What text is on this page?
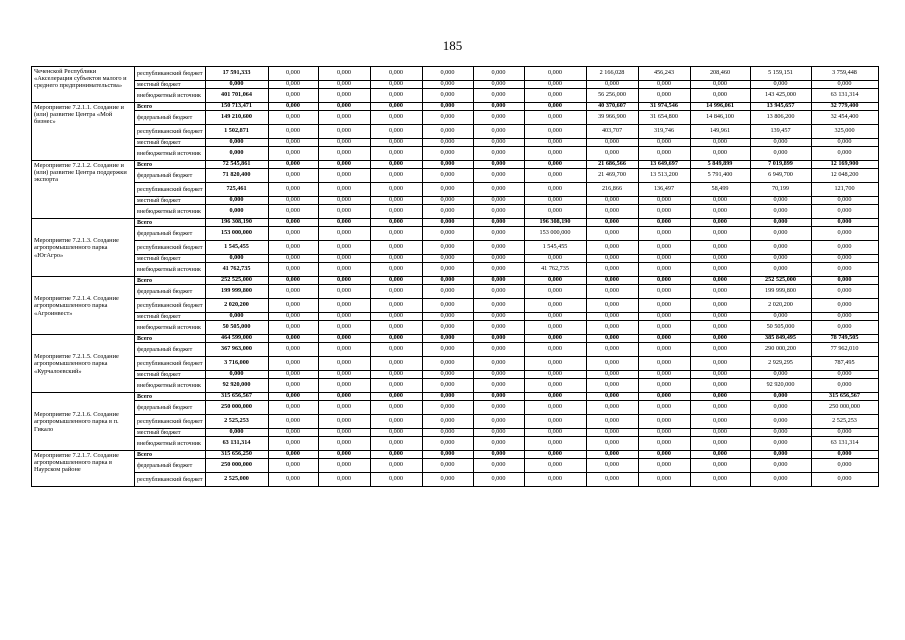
185
Чеченской Республики «Акселерация субъектов малого и среднего предпринимательства»	республиканский бюджет	17 591,333	0,000	0,000	0,000	0,000	0,000	0,000	2 166,028	456,243	208,460	5 159,151	3 759,448	
	местный бюджет	0,000	0,000	0,000	0,000	0,000	0,000	0,000	0,000	0,000	0,000	0,000	0,000	
	внебюджетный источник	401 701,064	0,000	0,000	0,000	0,000	0,000	0,000	56 256,000	0,000	0,000	143 425,000	63 131,314	
Мероприятие 7.2.1.1. Создание и (или) развитие Центра «Мой бизнес»	Всего	150 713,471	0,000	0,000	0,000	0,000	0,000	0,000	40 370,607	31 974,546	14 996,061	13 945,657	32 779,400	
	федеральный бюджет	149 210,600	0,000	0,000	0,000	0,000	0,000	0,000	39 966,900	31 654,800	14 846,100	13 806,200	32 454,400	
	республиканский бюджет	1 502,871	0,000	0,000	0,000	0,000	0,000	0,000	403,707	319,746	149,961	139,457	325,000	
	местный бюджет	0,000	0,000	0,000	0,000	0,000	0,000	0,000	0,000	0,000	0,000	0,000	0,000	
	внебюджетный источник	0,000	0,000	0,000	0,000	0,000	0,000	0,000	0,000	0,000	0,000	0,000	0,000	
Мероприятие 7.2.1.2. Создание и (или) развитие Центра поддержки экспорта	Всего	72 545,861	0,000	0,000	0,000	0,000	0,000	0,000	21 686,566	13 649,697	5 849,899	7 019,899	12 169,900	
	федеральный бюджет	71 820,400	0,000	0,000	0,000	0,000	0,000	0,000	21 469,700	13 513,200	5 791,400	6 949,700	12 048,200	
	республиканский бюджет	725,461	0,000	0,000	0,000	0,000	0,000	0,000	216,866	136,497	58,499	70,199	121,700	
	местный бюджет	0,000	0,000	0,000	0,000	0,000	0,000	0,000	0,000	0,000	0,000	0,000	0,000	
	внебюджетный источник	0,000	0,000	0,000	0,000	0,000	0,000	0,000	0,000	0,000	0,000	0,000	0,000	
Мероприятие 7.2.1.3. Создание агропромышленного парка «ЮгАгро»	Всего	196 308,190	0,000	0,000	0,000	0,000	0,000	196 308,190	0,000	0,000	0,000	0,000	0,000	
	федеральный бюджет	153 000,000	0,000	0,000	0,000	0,000	0,000	153 000,000	0,000	0,000	0,000	0,000	0,000	
	республиканский бюджет	1 545,455	0,000	0,000	0,000	0,000	0,000	1 545,455	0,000	0,000	0,000	0,000	0,000	
	местный бюджет	0,000	0,000	0,000	0,000	0,000	0,000	0,000	0,000	0,000	0,000	0,000	0,000	
	внебюджетный источник	41 762,735	0,000	0,000	0,000	0,000	0,000	41 762,735	0,000	0,000	0,000	0,000	0,000	
Мероприятие 7.2.1.4. Создание агропромышленного парка «Агроинвест»	Всего	252 525,000	0,000	0,000	0,000	0,000	0,000	0,000	0,000	0,000	0,000	252 525,000	0,000	
	федеральный бюджет	199 999,800	0,000	0,000	0,000	0,000	0,000	0,000	0,000	0,000	0,000	199 999,800	0,000	
	республиканский бюджет	2 020,200	0,000	0,000	0,000	0,000	0,000	0,000	0,000	0,000	0,000	2 020,200	0,000	
	местный бюджет	0,000	0,000	0,000	0,000	0,000	0,000	0,000	0,000	0,000	0,000	0,000	0,000	
	внебюджетный источник	50 505,000	0,000	0,000	0,000	0,000	0,000	0,000	0,000	0,000	0,000	50 505,000	0,000	
Мероприятие 7.2.1.5. Создание агропромышленного парка «Курчалоевский»	Всего	464 599,000	0,000	0,000	0,000	0,000	0,000	0,000	0,000	0,000	0,000	385 849,495	78 749,505	
	федеральный бюджет	367 963,000	0,000	0,000	0,000	0,000	0,000	0,000	0,000	0,000	0,000	290 000,200	77 962,010	
	республиканский бюджет	3 716,000	0,000	0,000	0,000	0,000	0,000	0,000	0,000	0,000	0,000	2 929,295	787,495	
	местный бюджет	0,000	0,000	0,000	0,000	0,000	0,000	0,000	0,000	0,000	0,000	0,000	0,000	
	внебюджетный источник	92 920,000	0,000	0,000	0,000	0,000	0,000	0,000	0,000	0,000	0,000	92 920,000	0,000	
Мероприятие 7.2.1.6. Создание агропромышленного парка в п. Гикало	Всего	315 656,567	0,000	0,000	0,000	0,000	0,000	0,000	0,000	0,000	0,000	0,000	315 656,567	
	федеральный бюджет	250 000,000	0,000	0,000	0,000	0,000	0,000	0,000	0,000	0,000	0,000	0,000	250 000,000	
	республиканский бюджет	2 525,253	0,000	0,000	0,000	0,000	0,000	0,000	0,000	0,000	0,000	0,000	2 525,253	
	местный бюджет	0,000	0,000	0,000	0,000	0,000	0,000	0,000	0,000	0,000	0,000	0,000	0,000	
	внебюджетный источник	63 131,314	0,000	0,000	0,000	0,000	0,000	0,000	0,000	0,000	0,000	0,000	63 131,314	
Мероприятие 7.2.1.7. Создание агропромышленного парка в Наурском районе	Всего	315 656,250	0,000	0,000	0,000	0,000	0,000	0,000	0,000	0,000	0,000	0,000	0,000	
	федеральный бюджет	250 000,000	0,000	0,000	0,000	0,000	0,000	0,000	0,000	0,000	0,000	0,000	0,000	
	республиканский бюджет	2 525,000	0,000	0,000	0,000	0,000	0,000	0,000	0,000	0,000	0,000	0,000	0,000	
